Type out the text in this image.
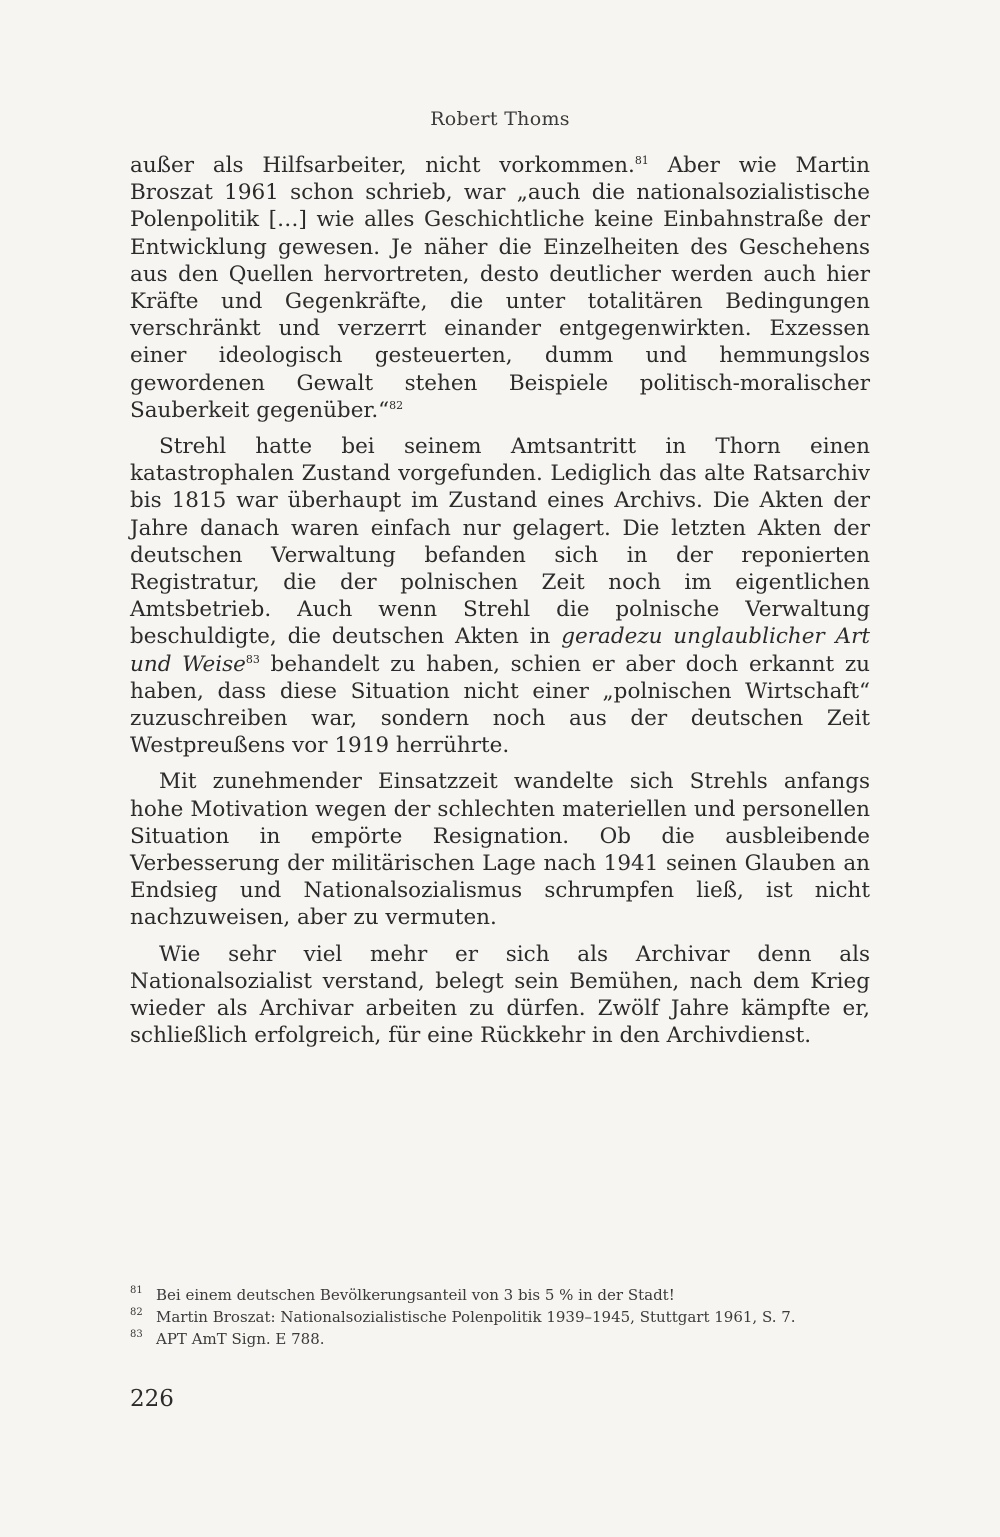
Robert Thoms

außer als Hilfsarbeiter, nicht vorkommen.$^{81}$ Aber wie Martin Broszat 1961 schon schrieb, war „auch die nationalsozialistische Polenpolitik […] wie alles Geschichtliche keine Einbahnstraße der Entwicklung gewesen. Je näher die Einzelheiten des Geschehens aus den Quellen hervortreten, desto deutlicher werden auch hier Kräfte und Gegenkräfte, die unter totalitären Bedingungen verschränkt und verzerrt einander entgegenwirkten. Exzessen einer ideologisch gesteuerten, dumm und hemmungslos gewordenen Gewalt stehen Beispiele politisch-moralischer Sauberkeit gegenüber.“$^{82}$

Strehl hatte bei seinem Amtsantritt in Thorn einen katastrophalen Zustand vorgefunden. Lediglich das alte Ratsarchiv bis 1815 war überhaupt im Zustand eines Archivs. Die Akten der Jahre danach waren einfach nur gelagert. Die letzten Akten der deutschen Verwaltung befanden sich in der reponierten Registratur, die der polnischen Zeit noch im eigentlichen Amtsbetrieb. Auch wenn Strehl die polnische Verwaltung beschuldigte, die deutschen Akten in geradezu unglaublicher Art und Weise$^{83}$ behandelt zu haben, schien er aber doch erkannt zu haben, dass diese Situation nicht einer „polnischen Wirtschaft“ zuzuschreiben war, sondern noch aus der deutschen Zeit Westpreußens vor 1919 herrührte.

Mit zunehmender Einsatzzeit wandelte sich Strehls anfangs hohe Motivation wegen der schlechten materiellen und personellen Situation in empörte Resignation. Ob die ausbleibende Verbesserung der militärischen Lage nach 1941 seinen Glauben an Endsieg und Nationalsozialismus schrumpfen ließ, ist nicht nachzuweisen, aber zu vermuten.

Wie sehr viel mehr er sich als Archivar denn als Nationalsozialist verstand, belegt sein Bemühen, nach dem Krieg wieder als Archivar arbeiten zu dürfen. Zwölf Jahre kämpfte er, schließlich erfolgreich, für eine Rückkehr in den Archivdienst.

81 Bei einem deutschen Bevölkerungsanteil von 3 bis 5 % in der Stadt!
82 Martin Broszat: Nationalsozialistische Polenpolitik 1939–1945, Stuttgart 1961, S. 7.
83 APT AmT Sign. E 788.
226
